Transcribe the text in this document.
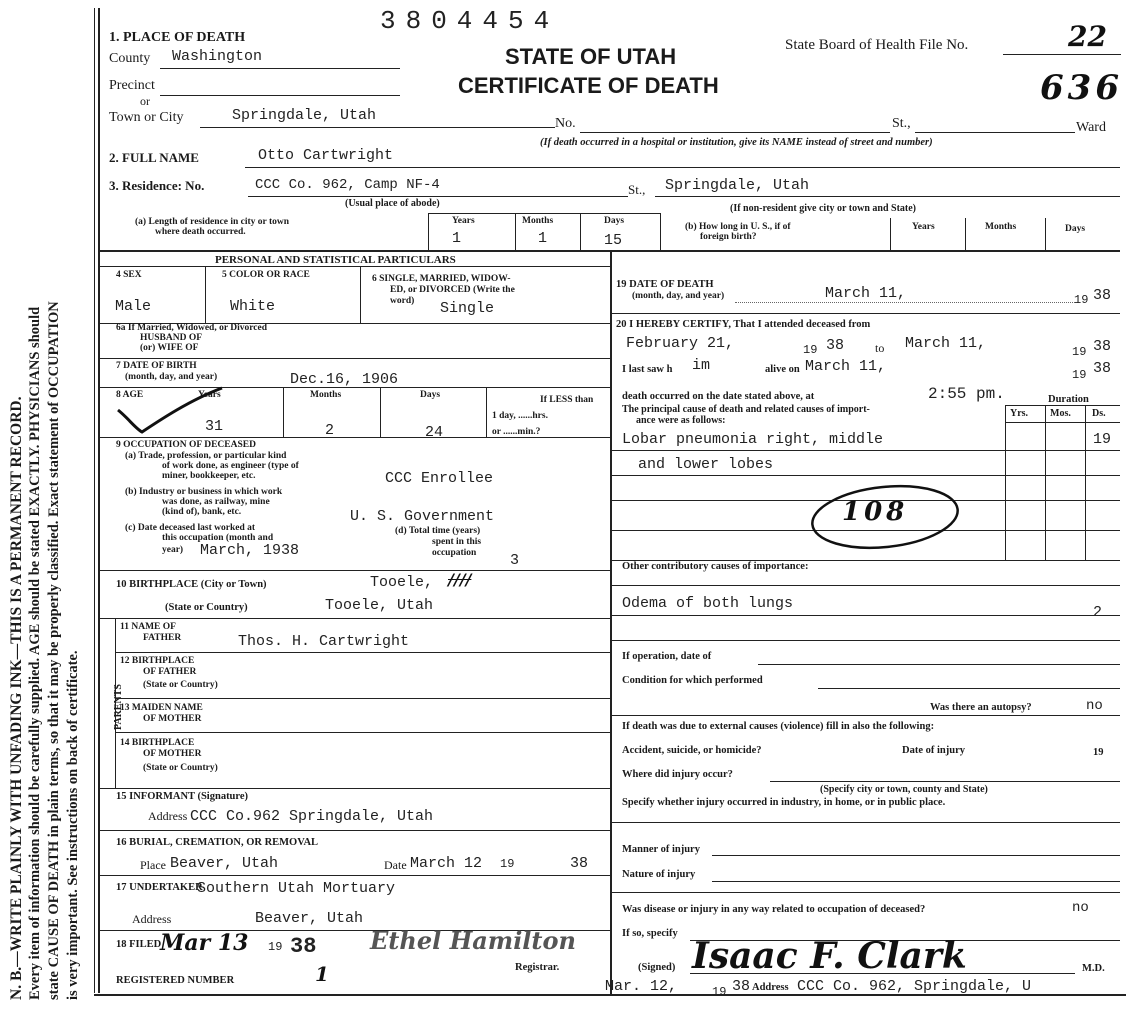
N. B.—WRITE PLAINLY WITH UNFADING INK—THIS IS A PERMANENT RECORD. Every item of information should be carefully supplied. AGE should be stated EXACTLY. PHYSICIANS should state CAUSE OF DEATH in plain terms, so that it may be properly classified. Exact statement of OCCUPATION is very important. See instructions on back of certificate.
3804454
STATE OF UTAH
CERTIFICATE OF DEATH
State Board of Health File No.	22
636
1. PLACE OF DEATH
County Washington
Precinct
or
Town or City	Springdale, Utah	No.	St.,	Ward
(If death occurred in a hospital or institution, give its NAME instead of street and number)
2. FULL NAME	Otto Cartwright
3. Residence: No.	CCC Co. 962, Camp NF-4	St., Springdale, Utah
(Usual place of abode)	(If non-resident give city or town and State)
(a) Length of residence in city or town
where death occurred.
Years	Months	Days
1	1	15
(b) How long in U. S., if of
foreign birth?
Years	Months	Days
PERSONAL AND STATISTICAL PARTICULARS
4 SEX
Male
5 COLOR OR RACE
White
6 SINGLE, MARRIED, WIDOW-
ED, or DIVORCED (Write the
word) Single
6a If Married, Widowed, or Divorced
HUSBAND OF
(or) WIFE OF
7 DATE OF BIRTH
(month, day, and year)	Dec.16, 1906
8 AGE	Years	Months	Days
31	2	24
If LESS than
1 day, ......hrs.
or ......min.?
9 OCCUPATION OF DECEASED
(a) Trade, profession, or particular kind
of work done, as engineer (type of
miner, bookkeeper, etc.	CCC Enrollee
(b) Industry or business in which work
was done, as railway, mine
(kind of), bank, etc.	U. S. Government
(c) Date deceased last worked at
this occupation (month and
year) March, 1938
(d) Total time (years)
spent in this
occupation 3
10 BIRTHPLACE (City or Town)	Tooele, ////
(State or Country)	Tooele, Utah
PARENTS
11 NAME OF
FATHER	Thos. H. Cartwright
12 BIRTHPLACE
OF FATHER
(State or Country)
13 MAIDEN NAME
OF MOTHER
14 BIRTHPLACE
OF MOTHER
(State or Country)
15 INFORMANT (Signature)
Address CCC Co.962 Springdale, Utah
16 BURIAL, CREMATION, OR REMOVAL
Place Beaver, Utah	Date March 12 19	38
17 UNDERTAKER
Southern Utah Mortuary
Address	Beaver, Utah
18 FILED
Mar 13 19 38 Ethel Hamilton
Registrar.
REGISTERED NUMBER	1
19 DATE OF DEATH
(month, day, and year)	March 11,	19 38
20 I HEREBY CERTIFY, That I attended deceased from
February 21,	19 38	to March 11,	19 38
I last saw h im	alive on March 11,	19 38
death occurred on the date stated above, at	2:55 pm.	Duration
The principal cause of death and related causes of import-
ance were as follows:
Yrs. Mos. Ds.
Lobar pneumonia right, middle	19
and lower lobes
108
Other contributory causes of importance:
Odema of both lungs
2
If operation, date of
Condition for which performed
Was there an autopsy?	no
If death was due to external causes (violence) fill in also the following:
Accident, suicide, or homicide?	Date of injury	19
Where did injury occur?
(Specify city or town, county and State)
Specify whether injury occurred in industry, in home, or in public place.
Manner of injury
Nature of injury
Was disease or injury in any way related to occupation of deceased?	no
If so, specify
(Signed) Isaac F. Clark	M.D.
Mar. 12,	19 38 Address CCC Co. 962, Springdale, U
